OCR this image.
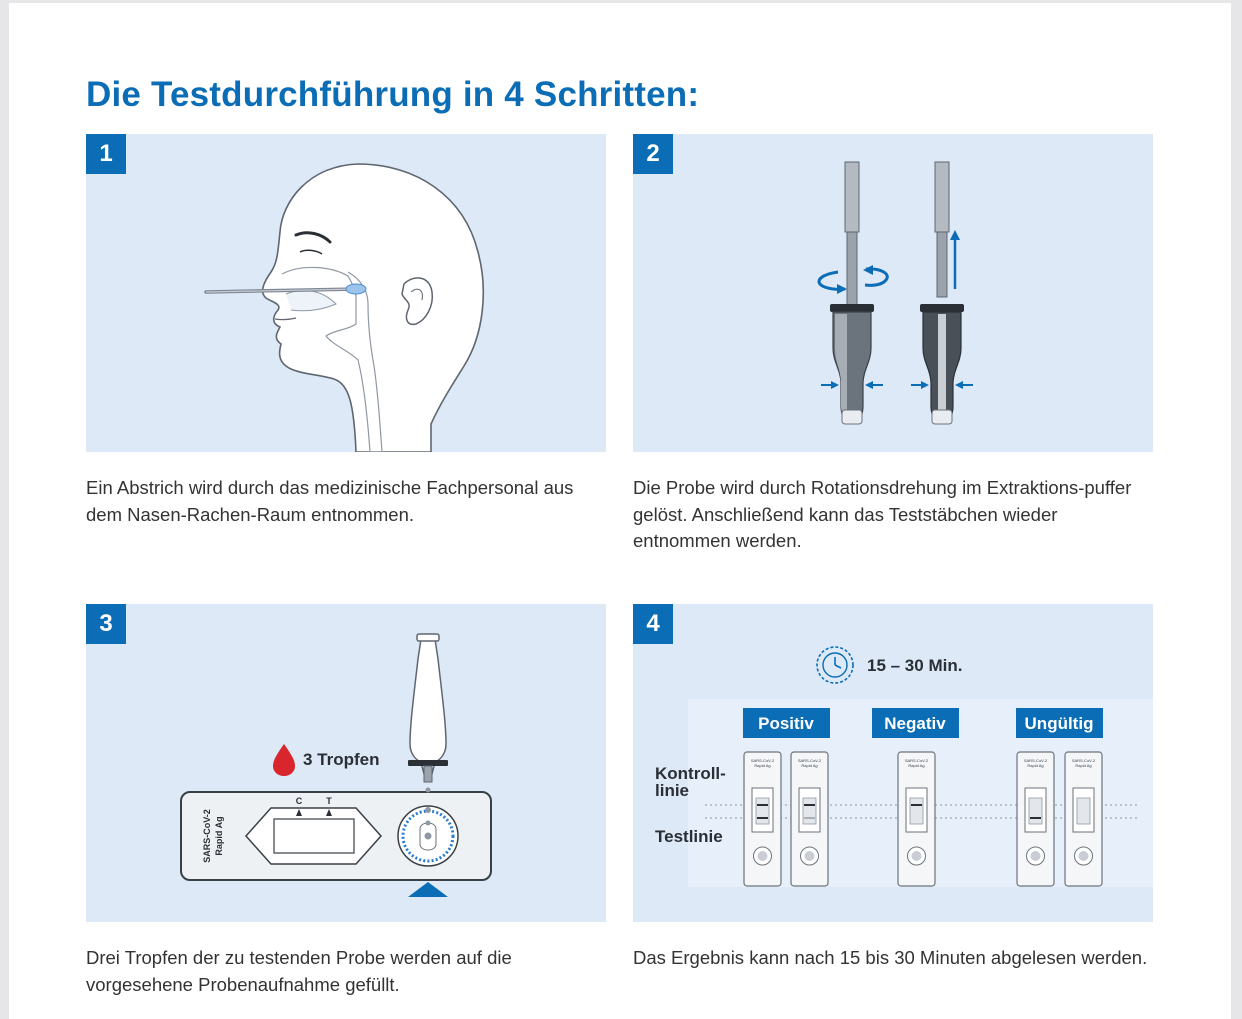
Die Testdurchführung in 4 Schritten:
1	2
3 Tropfen
C	T
SARS-CoV-2 Rapid Ag
3
15 – 30 Min.
Positiv	Negativ	Ungültig
Kontroll-
linie
Testlinie
SARS-CoV-2
Rapid Ag
SARS-CoV-2
Rapid Ag
SARS-CoV-2
Rapid Ag
SARS-CoV-2
Rapid Ag
SARS-CoV-2
Rapid Ag
4

Ein Abstrich wird durch das medizinische Fachpersonal aus dem Nasen-Rachen-Raum entnommen.

Die Probe wird durch Rotationsdrehung im Extraktions-puffer gelöst. Anschließend kann das Teststäbchen wieder entnommen werden.

Drei Tropfen der zu testenden Probe werden auf die vorgesehene Probenaufnahme gefüllt.

Das Ergebnis kann nach 15 bis 30 Minuten abgelesen werden.
